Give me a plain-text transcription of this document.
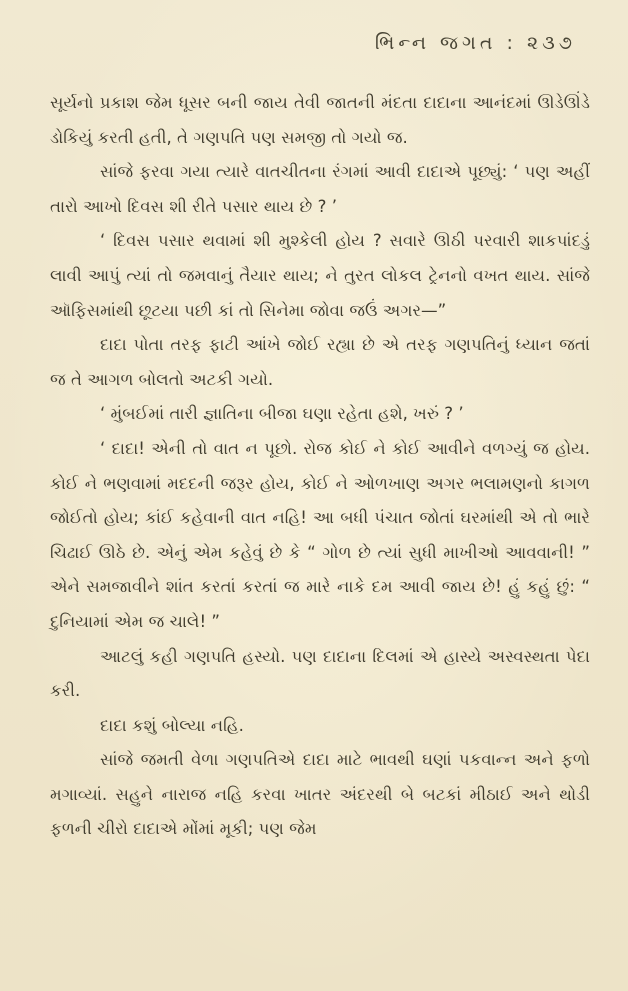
ભિન્ન જગત : ૨૩૭

સૂર્યનો પ્રકાશ જેમ ધૂસર બની જાય તેવી જાતની મંદતા દાદાના આનંદમાં ઊડેઊંડે ડોકિયું કરતી હતી, તે ગણપતિ પણ સમજી તો ગયો જ.

સાંજે ફરવા ગયા ત્યારે વાતચીતના રંગમાં આવી દાદાએ પૂછ્યું: ‘ પણ અહીં તારો આખો દિવસ શી રીતે પસાર થાય છે ? ’

‘ દિવસ પસાર થવામાં શી મુશ્કેલી હોય ? સવારે ઊઠી પરવારી શાકપાંદડું લાવી આપું ત્યાં તો જમવાનું તૈયાર થાય; ને તુરત લોકલ ટ્રેનનો વખત થાય. સાંજે ઑફિસમાંથી છૂટયા પછી કાં તો સિનેમા જોવા જઉં અગર—”

દાદા પોતા તરફ ફાટી આંખે જોઈ રહ્યા છે એ તરફ ગણપતિનું ધ્યાન જતાં જ તે આગળ બોલતો અટકી ગયો.

‘ મુંબઈમાં તારી જ્ઞાતિના બીજા ઘણા રહેતા હશે, ખરું ? ’

‘ દાદા! એની તો વાત ન પૂછો. રોજ કોઈ ને કોઈ આવીને વળગ્યું જ હોય. કોઈ ને ભણવામાં મદદની જરૂર હોય, કોઈ ને ઓળખાણ અગર ભલામણનો કાગળ જોઈતો હોય; કાંઈ કહેવાની વાત નહિ! આ બધી પંચાત જોતાં ઘરમાંથી એ તો ભારે ચિઢાઈ ઊઠે છે. એનું એમ કહેવું છે કે “ ગોળ છે ત્યાં સુધી માખીઓ આવવાની! ” એને સમજાવીને શાંત કરતાં કરતાં જ મારે નાકે દમ આવી જાય છે! હું કહું છું: “ દુનિયામાં એમ જ ચાલે! ”

આટલું કહી ગણપતિ હસ્યો. પણ દાદાના દિલમાં એ હાસ્યે અસ્વસ્થતા પેદા કરી.

દાદા કશું બોલ્યા નહિ.

સાંજે જમતી વેળા ગણપતિએ દાદા માટે ભાવથી ઘણાં પકવાન્ન અને ફળો મગાવ્યાં. સહુને નારાજ નહિ કરવા ખાતર અંદરથી બે બટકાં મીઠાઈ અને થોડી ફળની ચીરો દાદાએ મોંમાં મૂકી; પણ જેમ
